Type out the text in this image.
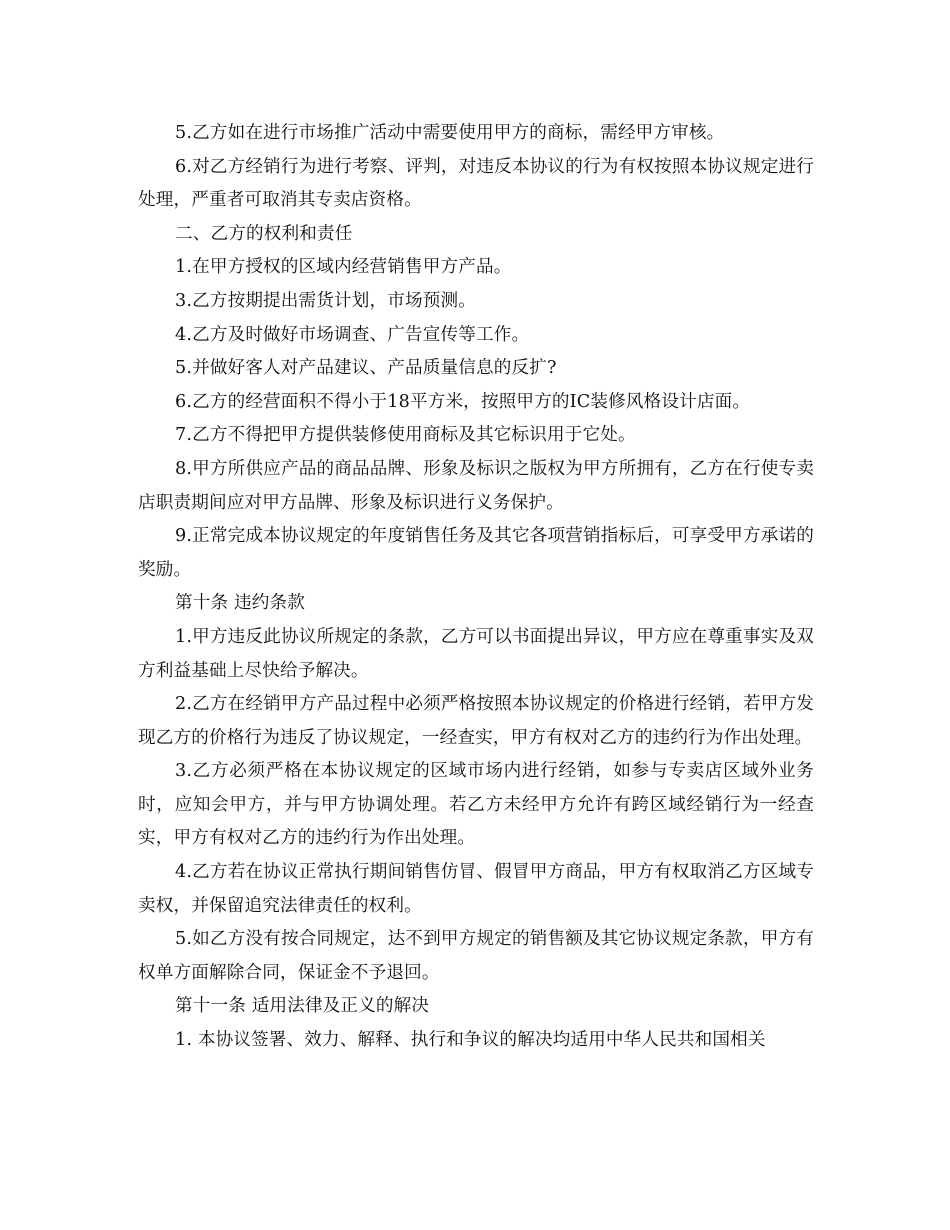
5.乙方如在进行市场推广活动中需要使用甲方的商标，需经甲方审核。

6.对乙方经销行为进行考察、评判，对违反本协议的行为有权按照本协议规定进行处理，严重者可取消其专卖店资格。

二、乙方的权利和责任

1.在甲方授权的区域内经营销售甲方产品。

3.乙方按期提出需货计划，市场预测。

4.乙方及时做好市场调查、广告宣传等工作。

5.并做好客人对产品建议、产品质量信息的反扩?

6.乙方的经营面积不得小于18平方米，按照甲方的IC装修风格设计店面。

7.乙方不得把甲方提供装修使用商标及其它标识用于它处。

8.甲方所供应产品的商品品牌、形象及标识之版权为甲方所拥有，乙方在行使专卖店职责期间应对甲方品牌、形象及标识进行义务保护。

9.正常完成本协议规定的年度销售任务及其它各项营销指标后，可享受甲方承诺的奖励。

第十条 违约条款

1.甲方违反此协议所规定的条款，乙方可以书面提出异议，甲方应在尊重事实及双方利益基础上尽快给予解决。

2.乙方在经销甲方产品过程中必须严格按照本协议规定的价格进行经销，若甲方发现乙方的价格行为违反了协议规定，一经查实，甲方有权对乙方的违约行为作出处理。

3.乙方必须严格在本协议规定的区域市场内进行经销，如参与专卖店区域外业务时，应知会甲方，并与甲方协调处理。若乙方未经甲方允许有跨区域经销行为一经查实，甲方有权对乙方的违约行为作出处理。

4.乙方若在协议正常执行期间销售仿冒、假冒甲方商品，甲方有权取消乙方区域专卖权，并保留追究法律责任的权利。

5.如乙方没有按合同规定，达不到甲方规定的销售额及其它协议规定条款，甲方有权单方面解除合同，保证金不予退回。

第十一条 适用法律及正义的解决

1. 本协议签署、效力、解释、执行和争议的解决均适用中华人民共和国相关
